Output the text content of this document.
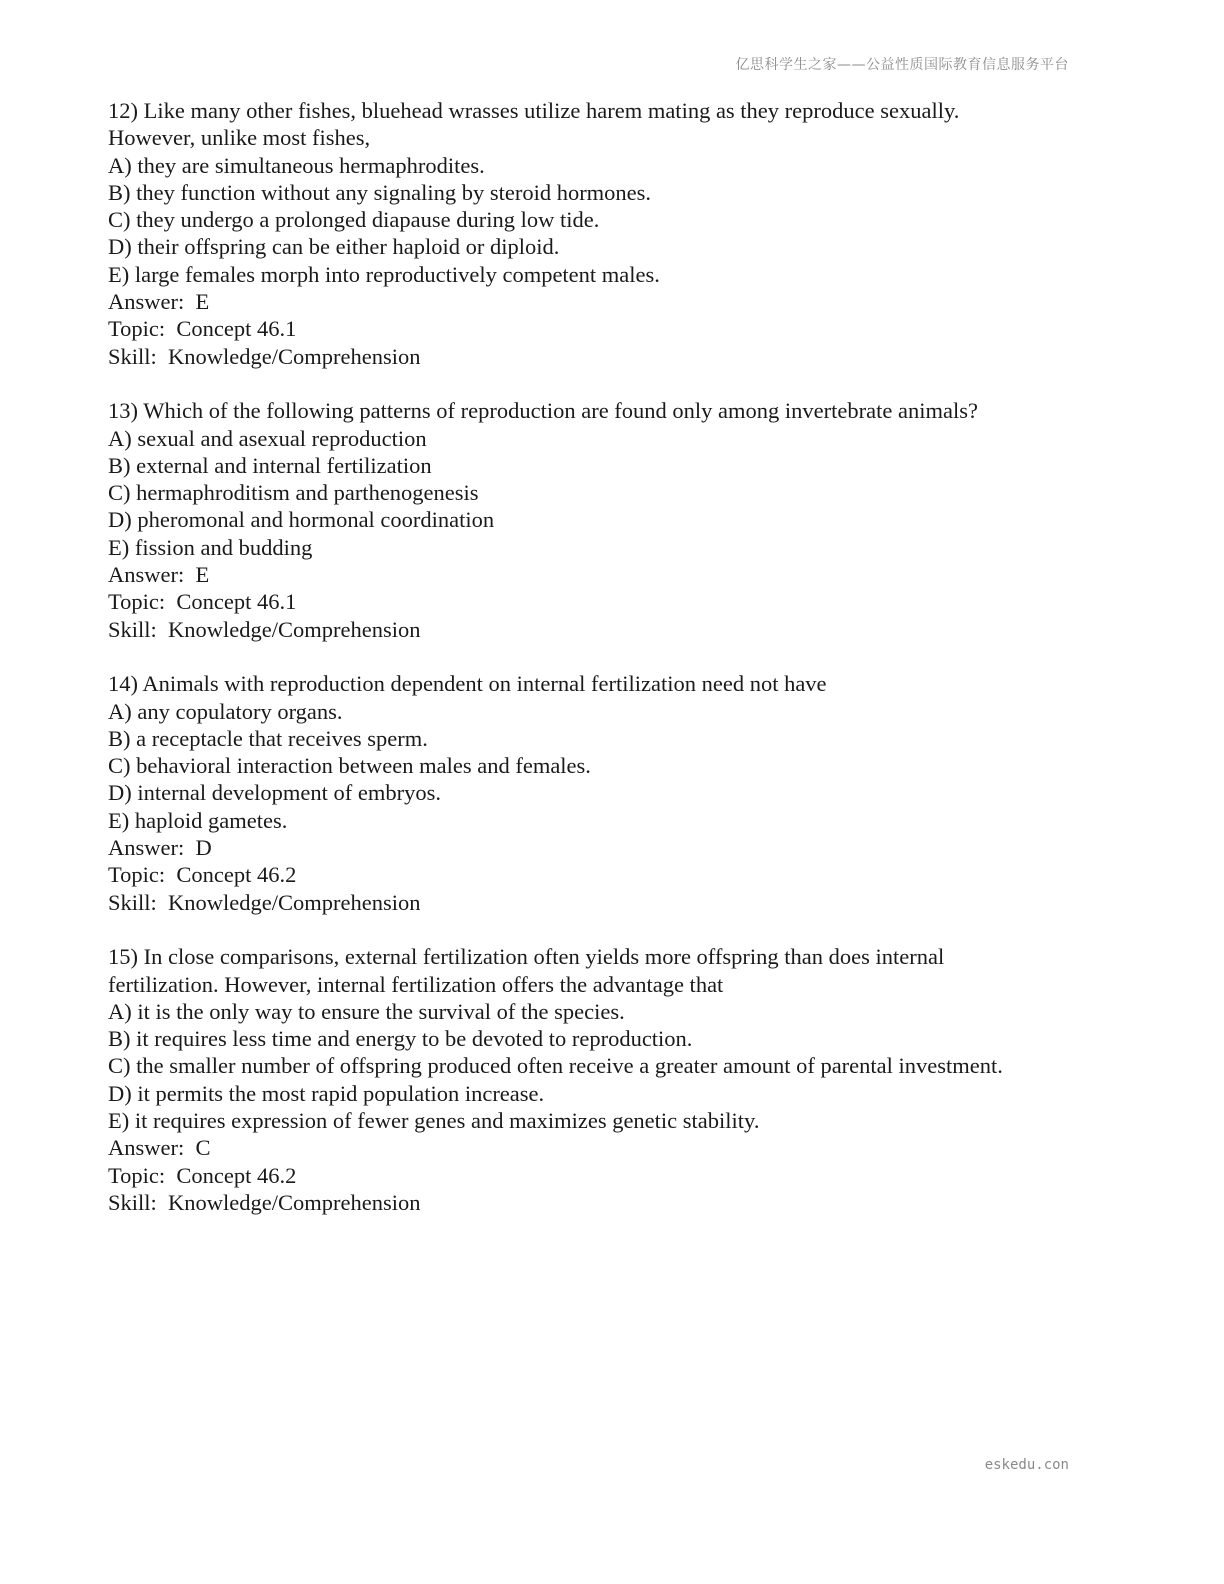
亿思科学生之家——公益性质国际教育信息服务平台
12) Like many other fishes, bluehead wrasses utilize harem mating as they reproduce sexually.
However, unlike most fishes,
A) they are simultaneous hermaphrodites.
B) they function without any signaling by steroid hormones.
C) they undergo a prolonged diapause during low tide.
D) their offspring can be either haploid or diploid.
E) large females morph into reproductively competent males.
Answer:  E
Topic:  Concept 46.1
Skill:  Knowledge/Comprehension
13) Which of the following patterns of reproduction are found only among invertebrate animals?
A) sexual and asexual reproduction
B) external and internal fertilization
C) hermaphroditism and parthenogenesis
D) pheromonal and hormonal coordination
E) fission and budding
Answer:  E
Topic:  Concept 46.1
Skill:  Knowledge/Comprehension
14) Animals with reproduction dependent on internal fertilization need not have
A) any copulatory organs.
B) a receptacle that receives sperm.
C) behavioral interaction between males and females.
D) internal development of embryos.
E) haploid gametes.
Answer:  D
Topic:  Concept 46.2
Skill:  Knowledge/Comprehension
15) In close comparisons, external fertilization often yields more offspring than does internal
fertilization. However, internal fertilization offers the advantage that
A) it is the only way to ensure the survival of the species.
B) it requires less time and energy to be devoted to reproduction.
C) the smaller number of offspring produced often receive a greater amount of parental investment.
D) it permits the most rapid population increase.
E) it requires expression of fewer genes and maximizes genetic stability.
Answer:  C
Topic:  Concept 46.2
Skill:  Knowledge/Comprehension
eskedu.con
